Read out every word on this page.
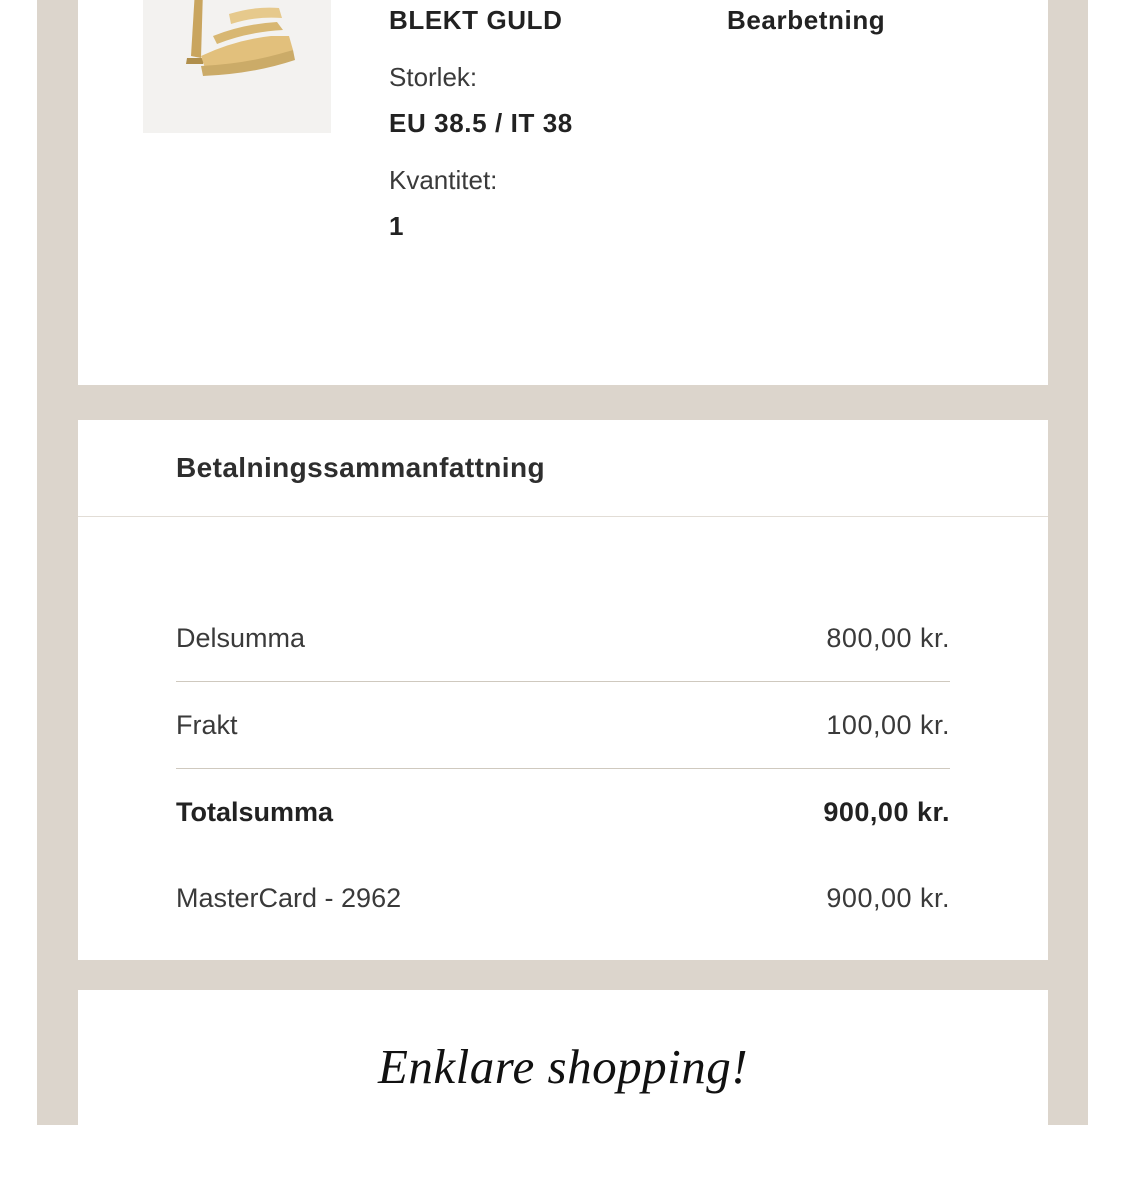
BLEKT GULD
Storlek:
EU 38.5 / IT 38
Kvantitet:
1
Bearbetning
Betalningssammanfattning
Delsumma	800,00 kr.
Frakt	100,00 kr.
Totalsumma	900,00 kr.
MasterCard - 2962	900,00 kr.
Enklare shopping!
